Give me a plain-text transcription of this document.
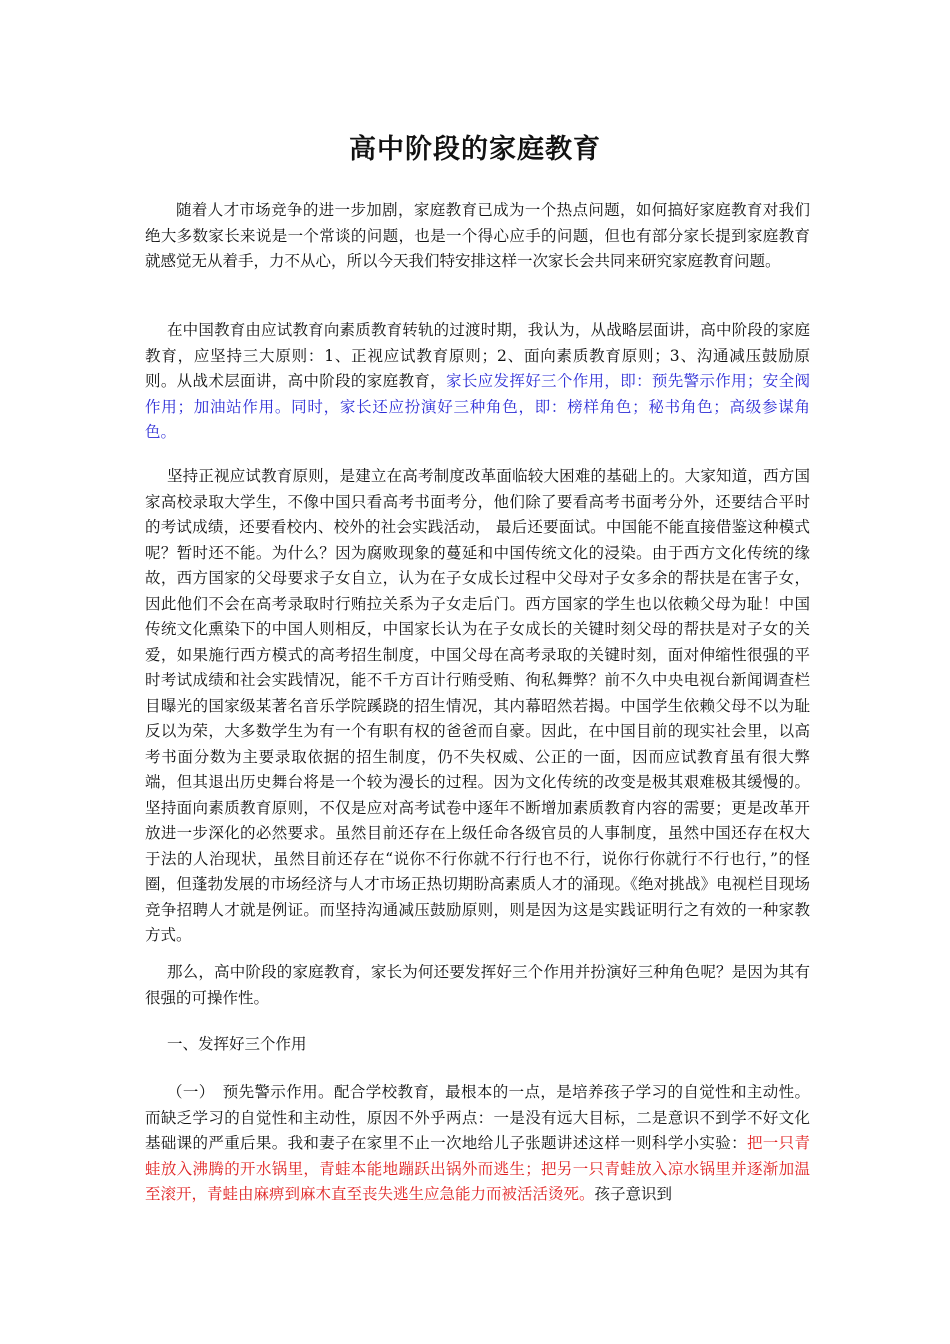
高中阶段的家庭教育

随着人才市场竞争的进一步加剧，家庭教育已成为一个热点问题，如何搞好家庭教育对我们绝大多数家长来说是一个常谈的问题，也是一个得心应手的问题，但也有部分家长提到家庭教育就感觉无从着手，力不从心，所以今天我们特安排这样一次家长会共同来研究家庭教育问题。

在中国教育由应试教育向素质教育转轨的过渡时期，我认为，从战略层面讲，高中阶段的家庭教育，应坚持三大原则：1、正视应试教育原则；2、面向素质教育原则；3、沟通减压鼓励原则。从战术层面讲，高中阶段的家庭教育，家长应发挥好三个作用，即：预先警示作用；安全阀作用；加油站作用。同时，家长还应扮演好三种角色，即：榜样角色；秘书角色；高级参谋角色。

坚持正视应试教育原则，是建立在高考制度改革面临较大困难的基础上的。大家知道，西方国家高校录取大学生，不像中国只看高考书面考分，他们除了要看高考书面考分外，还要结合平时的考试成绩，还要看校内、校外的社会实践活动， 最后还要面试。中国能不能直接借鉴这种模式呢？暂时还不能。为什么？因为腐败现象的蔓延和中国传统文化的浸染。由于西方文化传统的缘故，西方国家的父母要求子女自立，认为在子女成长过程中父母对子女多余的帮扶是在害子女，因此他们不会在高考录取时行贿拉关系为子女走后门。西方国家的学生也以依赖父母为耻！中国传统文化熏染下的中国人则相反，中国家长认为在子女成长的关键时刻父母的帮扶是对子女的关爱，如果施行西方模式的高考招生制度，中国父母在高考录取的关键时刻，面对伸缩性很强的平时考试成绩和社会实践情况，能不千方百计行贿受贿、徇私舞弊？前不久中央电视台新闻调查栏目曝光的国家级某著名音乐学院蹊跷的招生情况，其内幕昭然若揭。中国学生依赖父母不以为耻反以为荣，大多数学生为有一个有职有权的爸爸而自豪。因此，在中国目前的现实社会里，以高考书面分数为主要录取依据的招生制度，仍不失权威、公正的一面，因而应试教育虽有很大弊端，但其退出历史舞台将是一个较为漫长的过程。因为文化传统的改变是极其艰难极其缓慢的。坚持面向素质教育原则，不仅是应对高考试卷中逐年不断增加素质教育内容的需要；更是改革开放进一步深化的必然要求。虽然目前还存在上级任命各级官员的人事制度，虽然中国还存在权大于法的人治现状，虽然目前还存在“说你不行你就不行行也不行，说你行你就行不行也行，”的怪圈，但蓬勃发展的市场经济与人才市场正热切期盼高素质人才的涌现。《绝对挑战》电视栏目现场竞争招聘人才就是例证。而坚持沟通减压鼓励原则，则是因为这是实践证明行之有效的一种家教方式。

那么，高中阶段的家庭教育，家长为何还要发挥好三个作用并扮演好三种角色呢？是因为其有很强的可操作性。

一、发挥好三个作用

（一）　预先警示作用。配合学校教育，最根本的一点，是培养孩子学习的自觉性和主动性。而缺乏学习的自觉性和主动性，原因不外乎两点：一是没有远大目标，二是意识不到学不好文化基础课的严重后果。我和妻子在家里不止一次地给儿子张题讲述这样一则科学小实验：把一只青蛙放入沸腾的开水锅里，青蛙本能地蹦跃出锅外而逃生；把另一只青蛙放入凉水锅里并逐渐加温至滚开，青蛙由麻痹到麻木直至丧失逃生应急能力而被活活烫死。孩子意识到
